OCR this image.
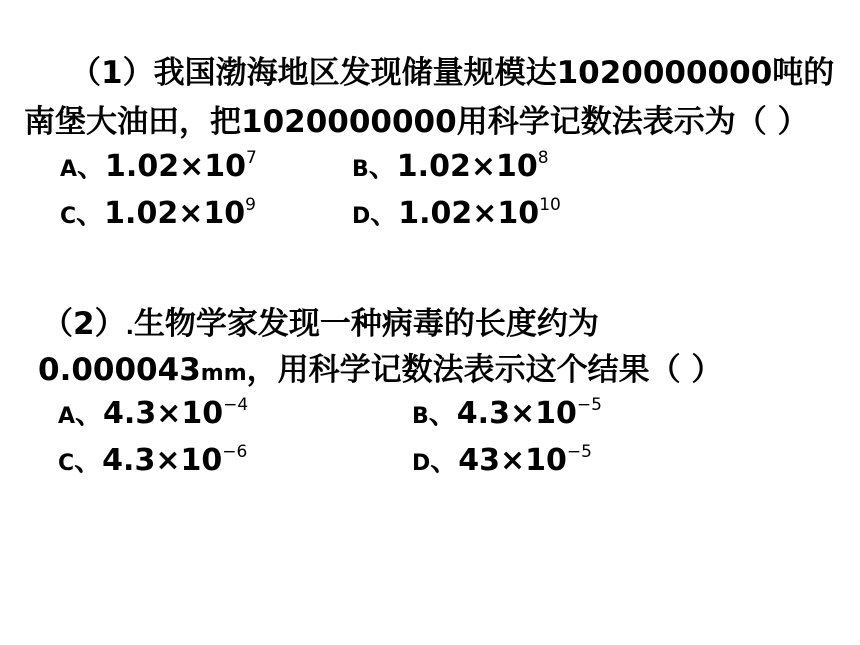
（1）我国渤海地区发现储量规模达1020000000吨的
南堡大油田，把1020000000用科学记数法表示为（ ）
A、$1.02\times 10^7$	B、$1.02\times 10^8$
C、$1.02\times 10^9$	D、$1.02\times 10^{10}$
（2）.生物学家发现一种病毒的长度约为
0.000043mm，用科学记数法表示这个结果（ ）
A、$4.3\times 10^{-4}$	B、$4.3\times 10^{-5}$
C、$4.3\times 10^{-6}$	D、$43\times 10^{-5}$
